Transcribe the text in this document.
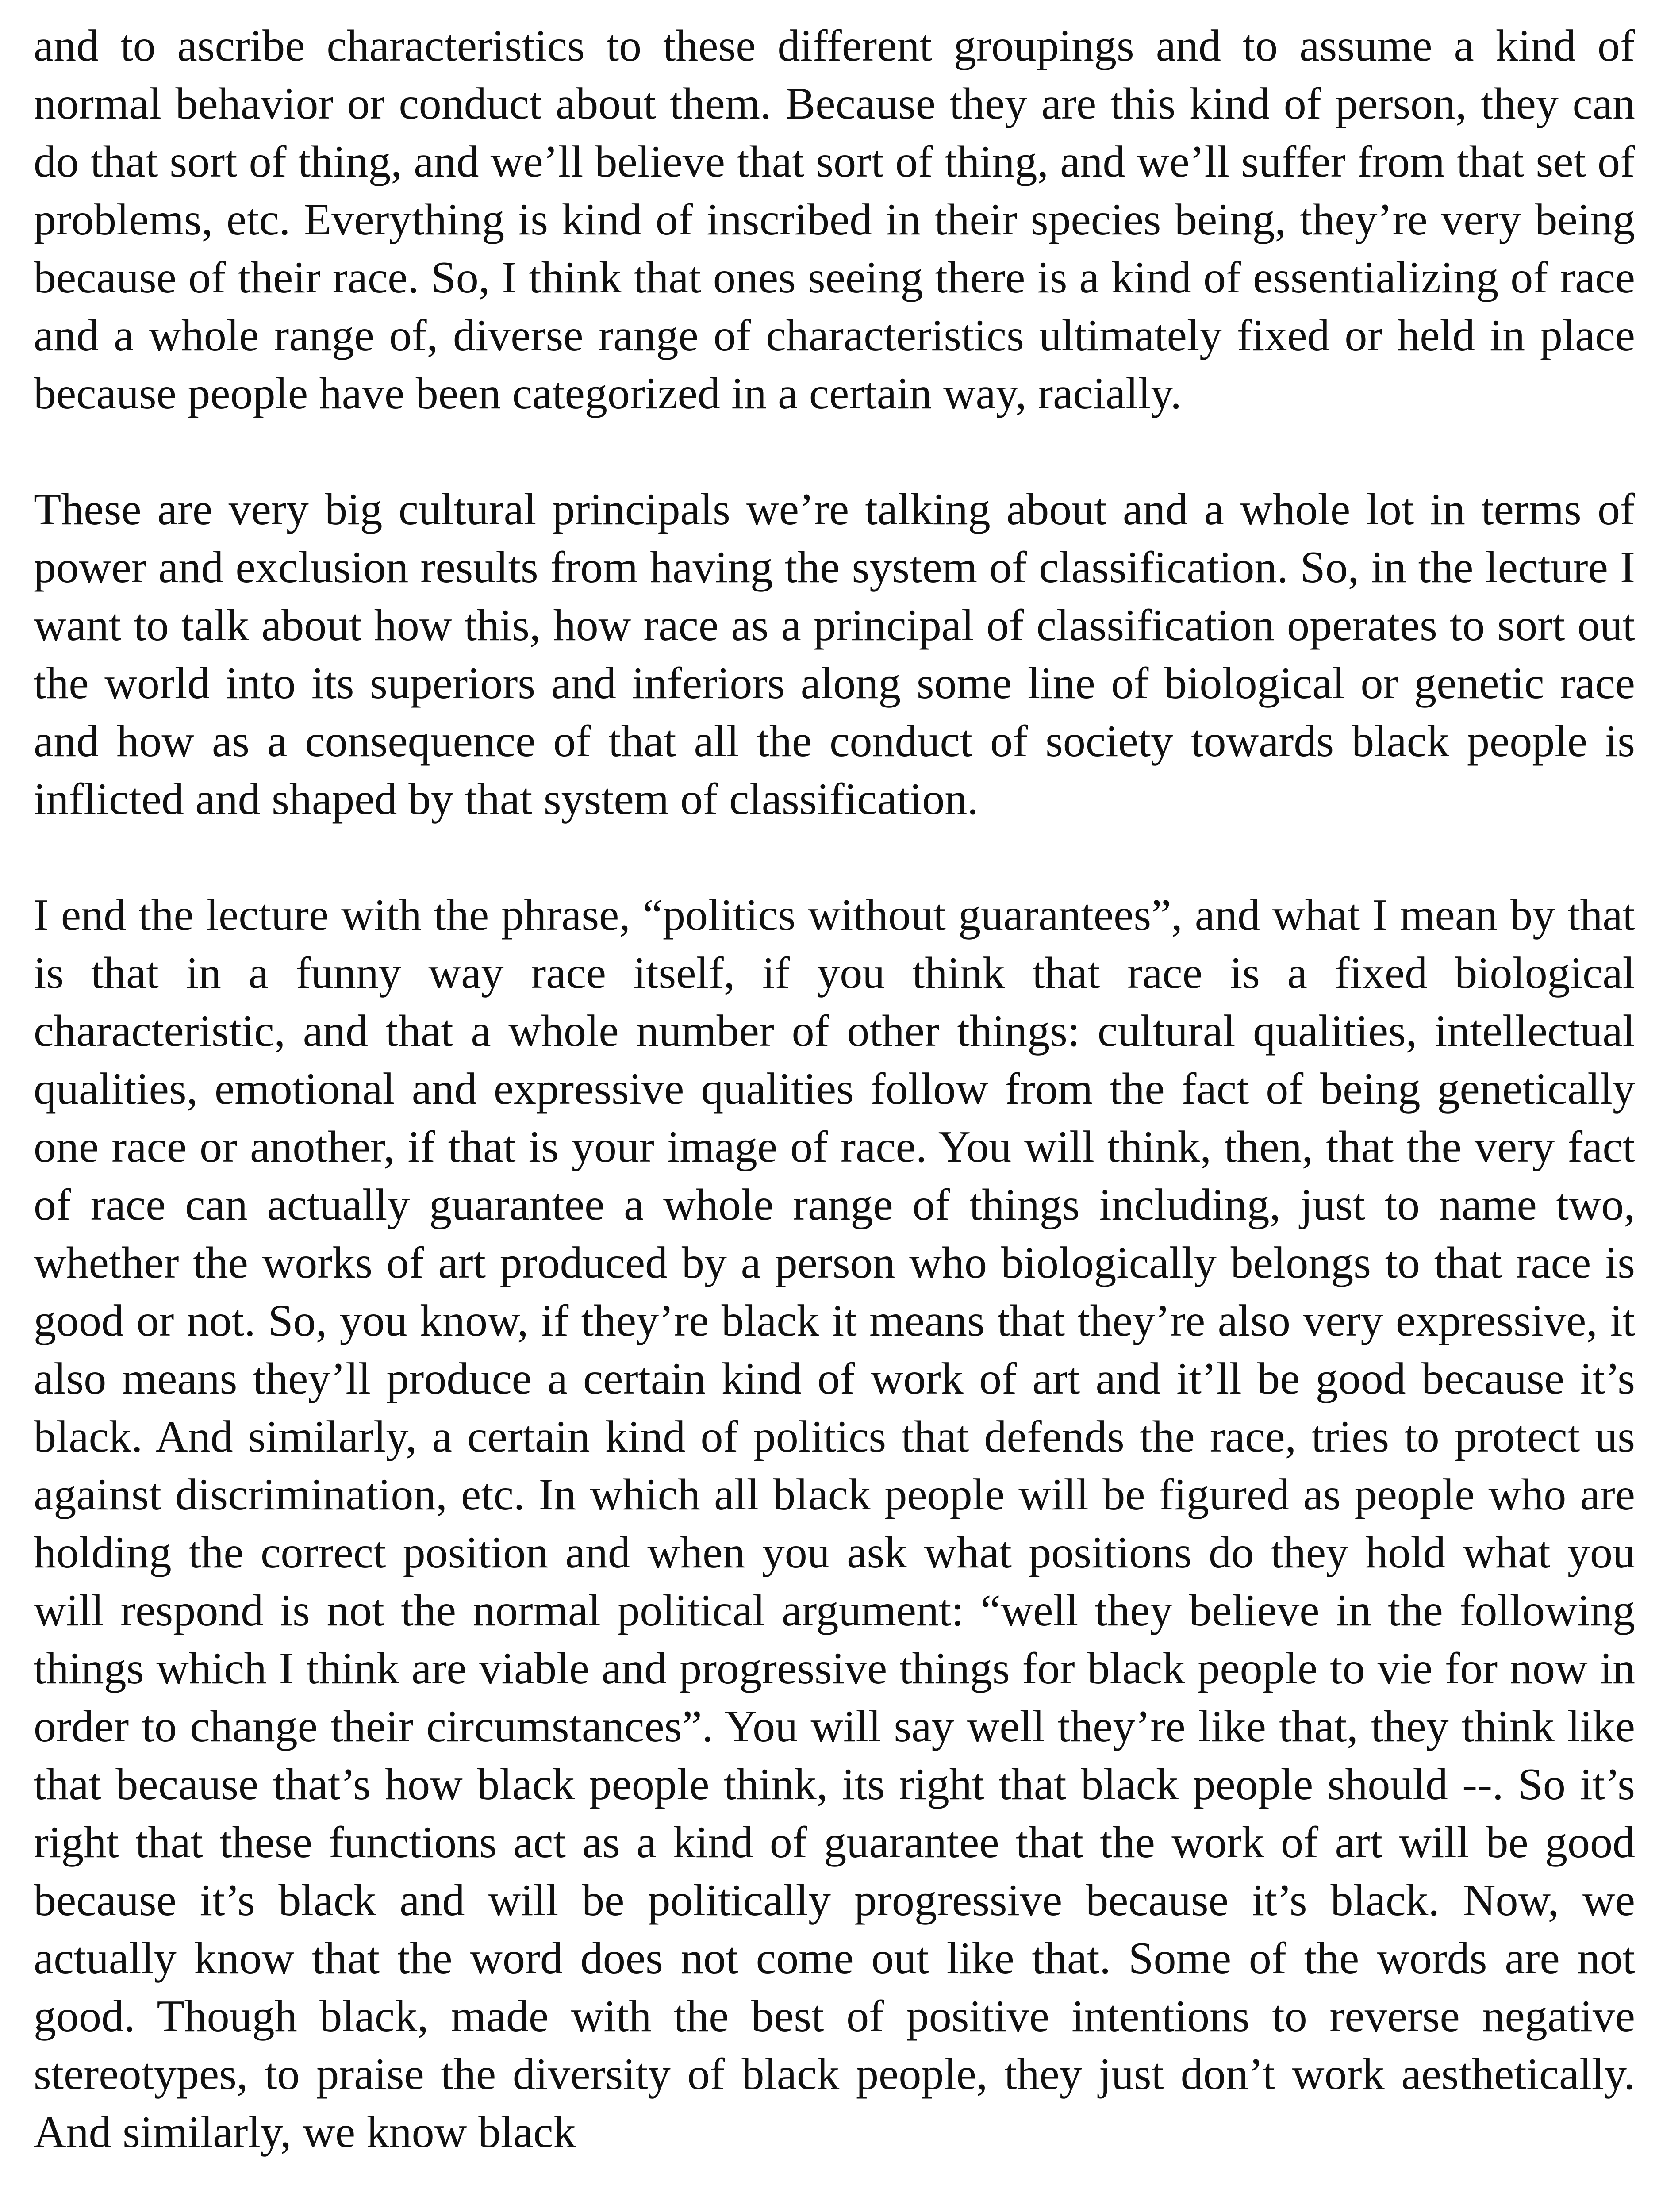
and to ascribe characteristics to these different groupings and to assume a kind of normal behavior or conduct about them. Because they are this kind of person, they can do that sort of thing, and we’ll believe that sort of thing, and we’ll suffer from that set of problems, etc. Everything is kind of inscribed in their species being, they’re very being because of their race. So, I think that ones seeing there is a kind of essentializing of race and a whole range of, diverse range of characteristics ultimately fixed or held in place because people have been categorized in a certain way, racially.

These are very big cultural principals we’re talking about and a whole lot in terms of power and exclusion results from having the system of classification. So, in the lecture I want to talk about how this, how race as a principal of classification operates to sort out the world into its superiors and inferiors along some line of biological or genetic race and how as a consequence of that all the conduct of society towards black people is inflicted and shaped by that system of classification.

I end the lecture with the phrase, “politics without guarantees”, and what I mean by that is that in a funny way race itself, if you think that race is a fixed biological characteristic, and that a whole number of other things: cultural qualities, intellectual qualities, emotional and expressive qualities follow from the fact of being genetically one race or another, if that is your image of race. You will think, then, that the very fact of race can actually guarantee a whole range of things including, just to name two, whether the works of art produced by a person who biologically belongs to that race is good or not. So, you know, if they’re black it means that they’re also very expressive, it also means they’ll produce a certain kind of work of art and it’ll be good because it’s black. And similarly, a certain kind of politics that defends the race, tries to protect us against discrimination, etc. In which all black people will be figured as people who are holding the correct position and when you ask what positions do they hold what you will respond is not the normal political argument: “well they believe in the following things which I think are viable and progressive things for black people to vie for now in order to change their circumstances”. You will say well they’re like that, they think like that because that’s how black people think, its right that black people should --. So it’s right that these functions act as a kind of guarantee that the work of art will be good because it’s black and will be politically progressive because it’s black. Now, we actually know that the word does not come out like that. Some of the words are not good. Though black, made with the best of positive intentions to reverse negative stereotypes, to praise the diversity of black people, they just don’t work aesthetically. And similarly, we know black
